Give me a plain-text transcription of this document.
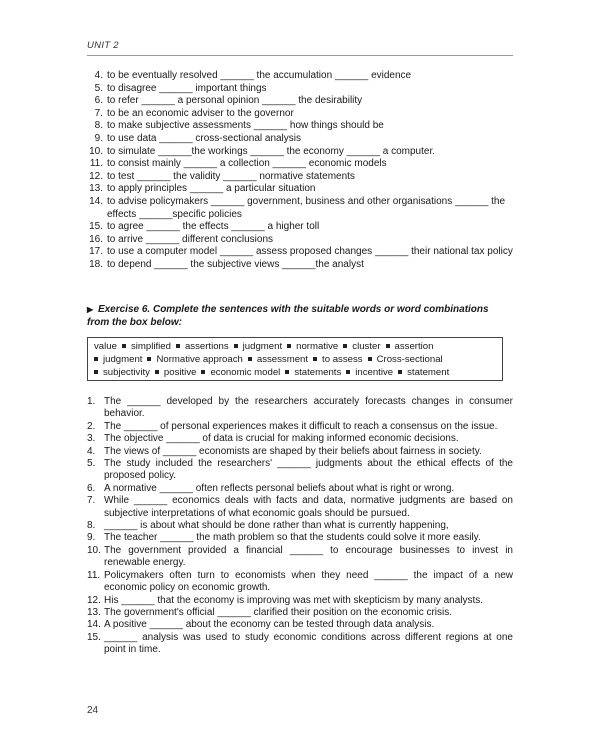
UNIT 2
4. to be eventually resolved ______ the accumulation ______ evidence
5. to disagree ______ important things
6. to refer ______ a personal opinion ______ the desirability
7. to be an economic adviser to the governor
8. to make subjective assessments ______ how things should be
9. to use data ______ cross-sectional analysis
10. to simulate ______the workings ______ the economy ______ a computer.
11. to consist mainly ______ a collection ______ economic models
12. to test ______ the validity ______ normative statements
13. to apply principles ______ a particular situation
14. to advise policymakers ______ government, business and other organisations ______ the effects ______specific policies
15. to agree ______ the effects ______ a higher toll
16. to arrive ______ different conclusions
17. to use a computer model ______ assess proposed changes ______ their national tax policy
18. to depend ______ the subjective views ______the analyst
▶ Exercise 6. Complete the sentences with the suitable words or word combinations from the box below:
value simplified assertions judgment normative cluster assertion
judgment Normative approach assessment to assess Cross-sectional
subjectivity positive economic model statements incentive statement
1. The ______ developed by the researchers accurately forecasts changes in consumer behavior.
2. The ______ of personal experiences makes it difficult to reach a consensus on the issue.
3. The objective ______ of data is crucial for making informed economic decisions.
4. The views of ______ economists are shaped by their beliefs about fairness in society.
5. The study included the researchers' ______ judgments about the ethical effects of the proposed policy.
6. A normative ______ often reflects personal beliefs about what is right or wrong.
7. While ______ economics deals with facts and data, normative judgments are based on subjective interpretations of what economic goals should be pursued.
8. ______ is about what should be done rather than what is currently happening,
9. The teacher ______ the math problem so that the students could solve it more easily.
10. The government provided a financial ______ to encourage businesses to invest in renewable energy.
11. Policymakers often turn to economists when they need ______ the impact of a new economic policy on economic growth.
12. His ______ that the economy is improving was met with skepticism by many analysts.
13. The government's official ______ clarified their position on the economic crisis.
14. A positive ______ about the economy can be tested through data analysis.
15. ______ analysis was used to study economic conditions across different regions at one point in time.
24
